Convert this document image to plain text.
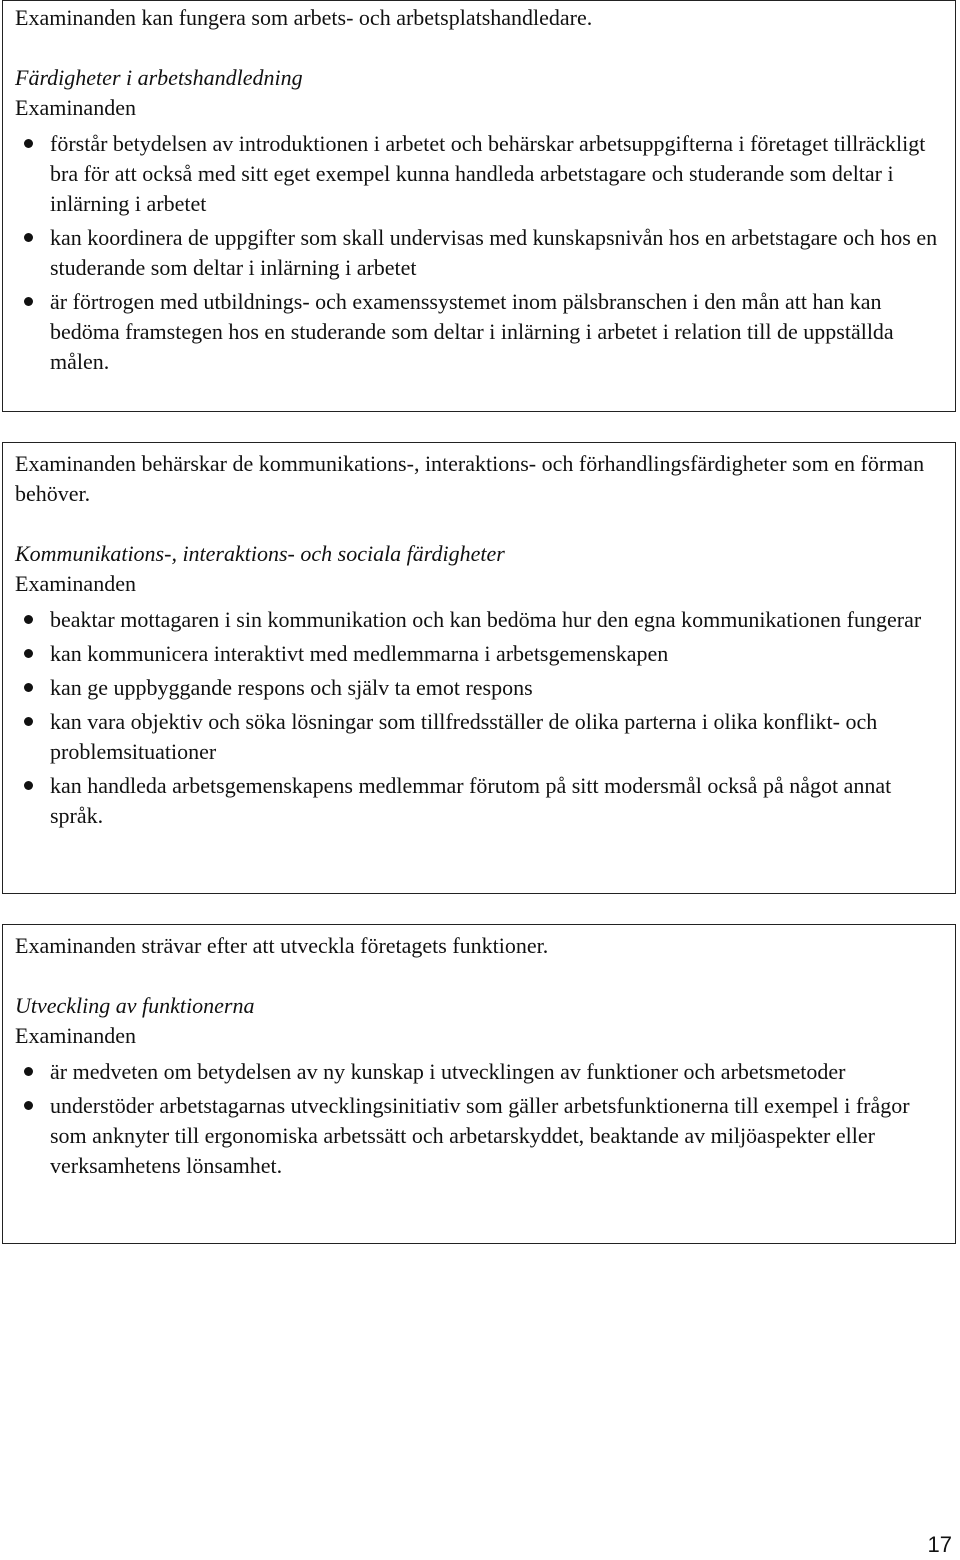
Examinanden kan fungera som arbets- och arbetsplatshandledare.

Färdigheter i arbetshandledning

Examinanden

förstår betydelsen av introduktionen i arbetet och behärskar arbetsuppgifterna i företaget tillräckligt bra för att också med sitt eget exempel kunna handleda arbetstagare och studerande som deltar i inlärning i arbetet
kan koordinera de uppgifter som skall undervisas med kunskapsnivån hos en arbetstagare och hos en studerande som deltar i inlärning i arbetet
är förtrogen med utbildnings- och examenssystemet inom pälsbranschen i den mån att han kan bedöma framstegen hos en studerande som deltar i inlärning i arbetet i relation till de uppställda målen.

Examinanden behärskar de kommunikations-, interaktions- och förhandlingsfärdigheter som en förman behöver.

Kommunikations-, interaktions- och sociala färdigheter

Examinanden

beaktar mottagaren i sin kommunikation och kan bedöma hur den egna kommunikationen fungerar
kan kommunicera interaktivt med medlemmarna i arbetsgemenskapen
kan ge uppbyggande respons och själv ta emot respons
kan vara objektiv och söka lösningar som tillfredsställer de olika parterna i olika konflikt- och problemsituationer
kan handleda arbetsgemenskapens medlemmar förutom på sitt modersmål också på något annat språk.

Examinanden strävar efter att utveckla företagets funktioner.

Utveckling av funktionerna

Examinanden

är medveten om betydelsen av ny kunskap i utvecklingen av funktioner och arbetsmetoder
understöder arbetstagarnas utvecklingsinitiativ som gäller arbetsfunktionerna till exempel i frågor som anknyter till ergonomiska arbetssätt och arbetarskyddet, beaktande av miljöaspekter eller verksamhetens lönsamhet.
17
